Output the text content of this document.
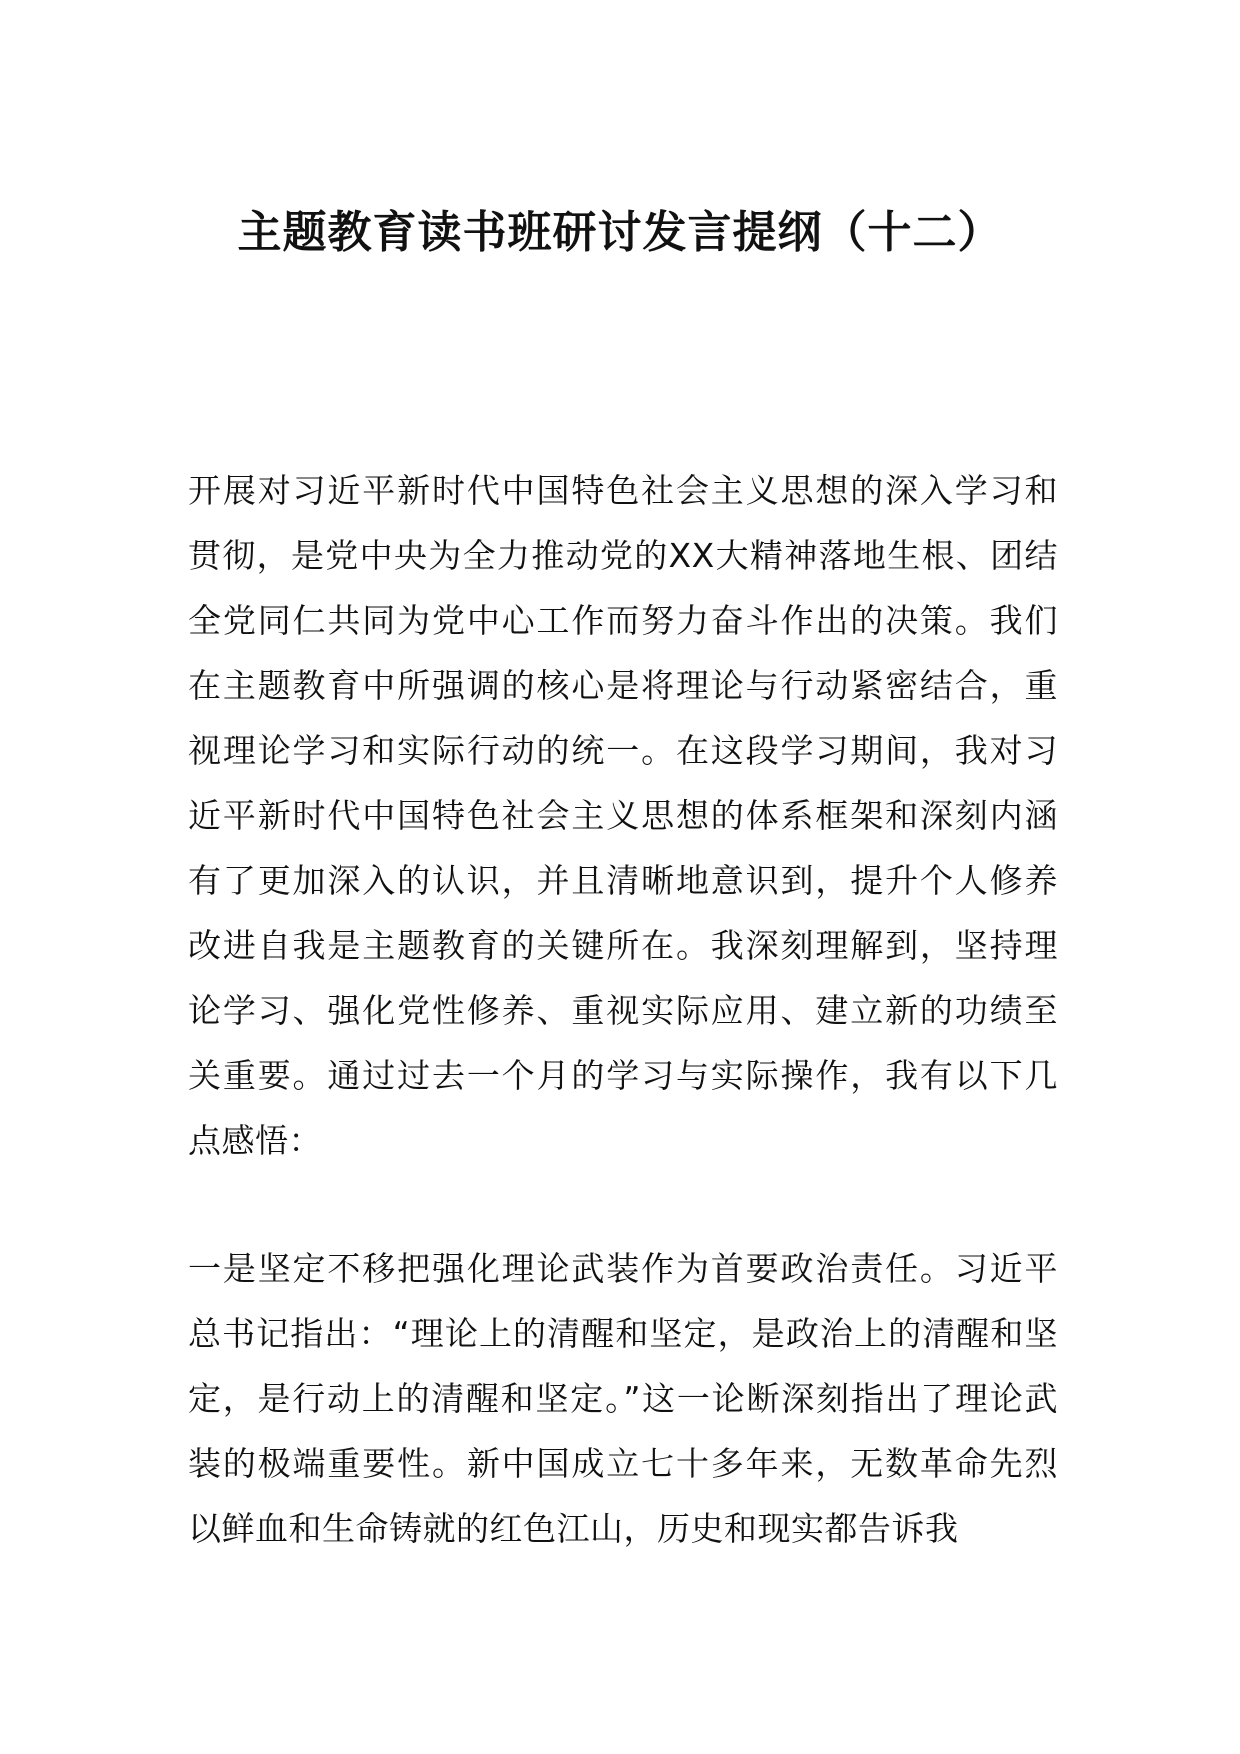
主题教育读书班研讨发言提纲（十二）

开展对习近平新时代中国特色社会主义思想的深入学习和贯彻，是党中央为全力推动党的XX大精神落地生根、团结全党同仁共同为党中心工作而努力奋斗作出的决策。我们在主题教育中所强调的核心是将理论与行动紧密结合，重视理论学习和实际行动的统一。在这段学习期间，我对习近平新时代中国特色社会主义思想的体系框架和深刻内涵有了更加深入的认识，并且清晰地意识到，提升个人修养改进自我是主题教育的关键所在。我深刻理解到，坚持理论学习、强化党性修养、重视实际应用、建立新的功绩至关重要。通过过去一个月的学习与实际操作，我有以下几点感悟：

一是坚定不移把强化理论武装作为首要政治责任。习近平总书记指出：“理论上的清醒和坚定，是政治上的清醒和坚定，是行动上的清醒和坚定。”这一论断深刻指出了理论武装的极端重要性。新中国成立七十多年来，无数革命先烈以鲜血和生命铸就的红色江山，历史和现实都告诉我
